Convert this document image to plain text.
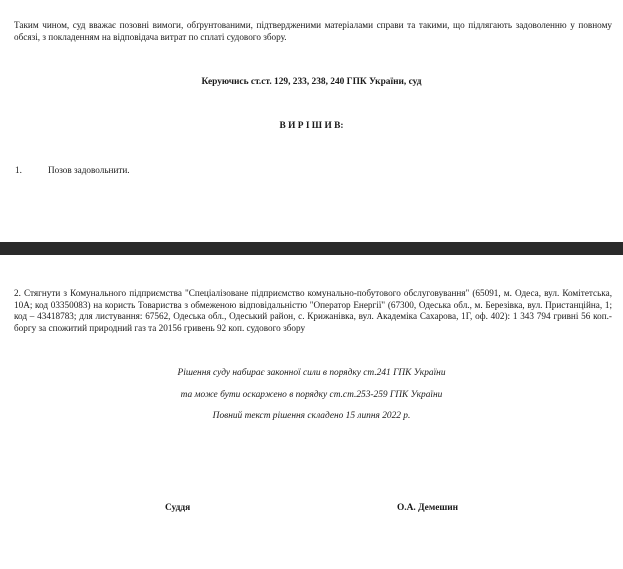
Таким чином, суд вважає позовні вимоги, обґрунтованими, підтвердженими матеріалами справи та такими, що підлягають задоволенню у повному обсязі, з покладенням на відповідача витрат по сплаті судового збору.
Керуючись ст.ст. 129, 233, 238, 240 ГПК України, суд
В И Р І Ш И В:
1.	Позов задовольнити.
2. Стягнути з Комунального підприємства "Спеціалізоване підприємство комунально-побутового обслуговування" (65091, м. Одеса, вул. Комітетська, 10А; код 03350083) на користь Товариства з обмеженою відповідальністю "Оператор Енергії" (67300, Одеська обл., м. Березівка, вул. Пристанційна, 1; код – 43418783; для листування: 67562, Одеська обл., Одеський район, с. Крижанівка, вул. Академіка Сахарова, 1Г, оф. 402): 1 343 794 гривні 56 коп.- боргу за спожитий природний газ та 20156 гривень 92 коп. судового збору
Рішення суду набирає законної сили в порядку ст.241 ГПК України
та може бути оскаржено в порядку ст.ст.253-259 ГПК України
Повний текст рішення складено 15 липня 2022 р.
Суддя	О.А. Демешин
